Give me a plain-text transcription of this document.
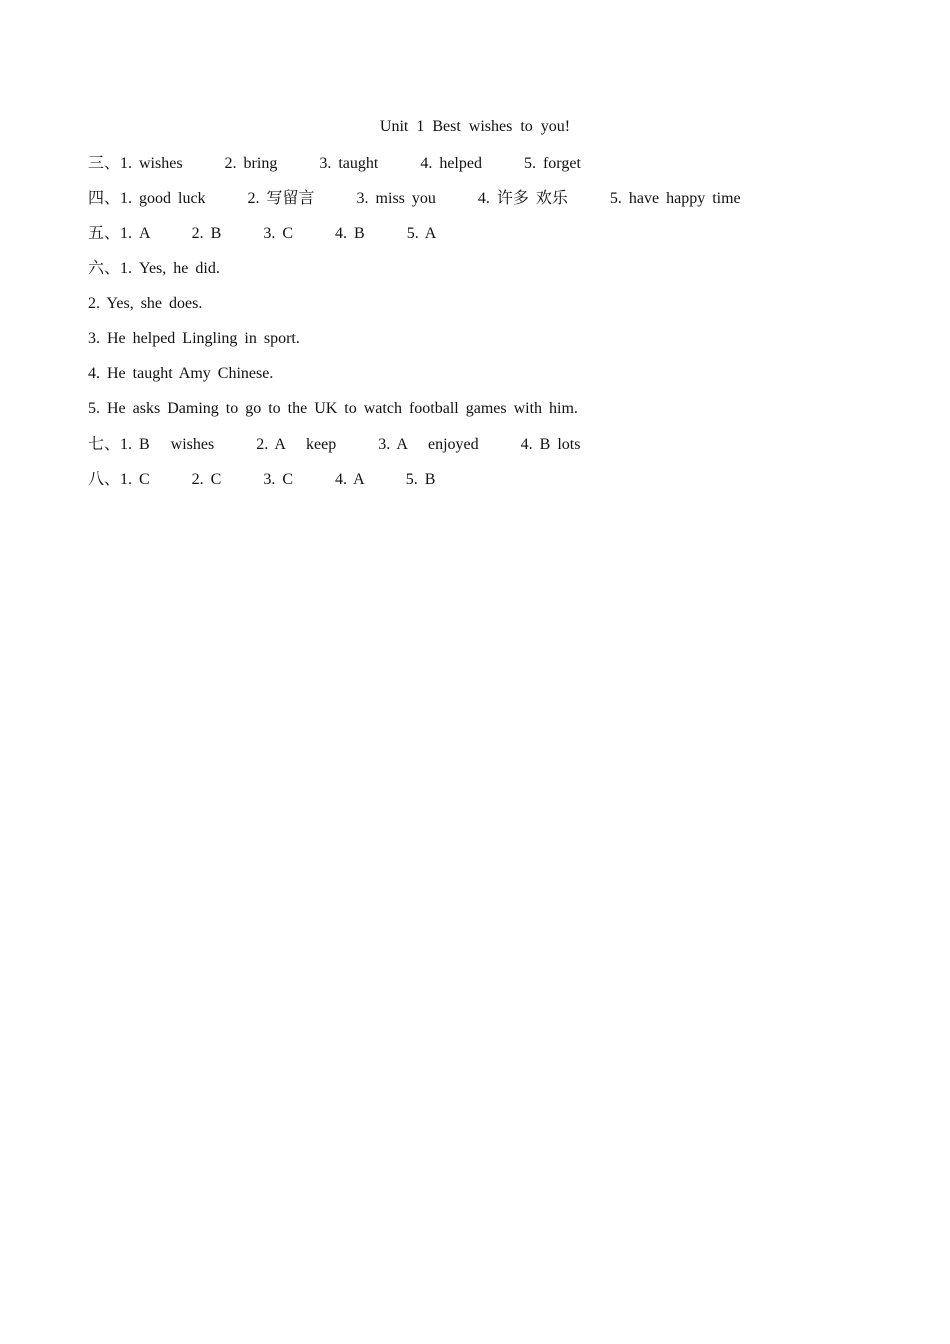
Unit 1 Best wishes to you!
三、1. wishes      2. bring      3. taught      4. helped      5. forget
四、1. good luck      2. 写留言      3. miss you      4. 许多 欢乐      5. have happy time
五、1. A      2. B      3. C      4. B      5. A
六、1. Yes, he did.
2. Yes, she does.
3. He helped Lingling in sport.
4. He taught Amy Chinese.
5. He asks Daming to go to the UK to watch football games with him.
七、1. B   wishes      2. A   keep      3. A   enjoyed      4. B lots
八、1. C      2. C      3. C      4. A      5. B
